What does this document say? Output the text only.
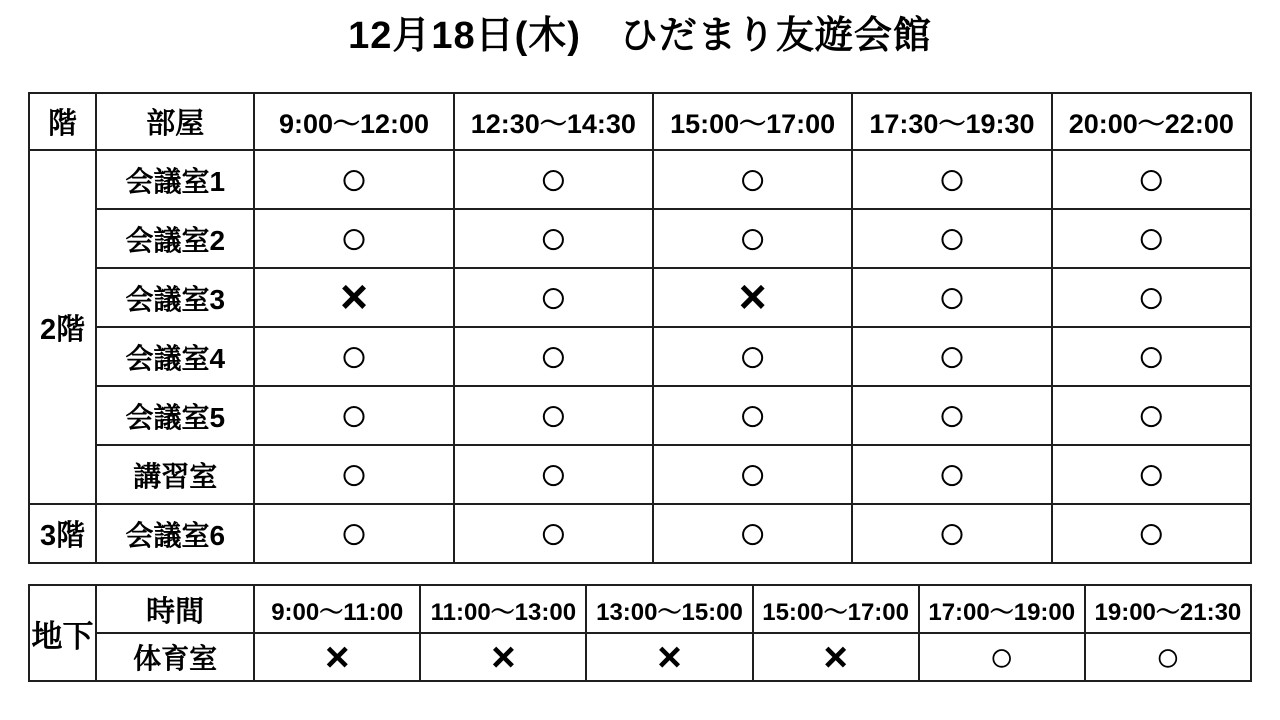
12月18日(木)　ひだまり友遊会館
階	部屋	9:00〜12:00	12:30〜14:30	15:00〜17:00	17:30〜19:30	20:00〜22:00
2階	会議室1	○	○	○	○	○
	会議室2	○	○	○	○	○
	会議室3	×	○	×	○	○
	会議室4	○	○	○	○	○
	会議室5	○	○	○	○	○
	講習室	○	○	○	○	○
3階	会議室6	○	○	○	○	○
地下	時間	9:00〜11:00	11:00〜13:00	13:00〜15:00	15:00〜17:00	17:00〜19:00	19:00〜21:30
	体育室	×	×	×	×	○	○
